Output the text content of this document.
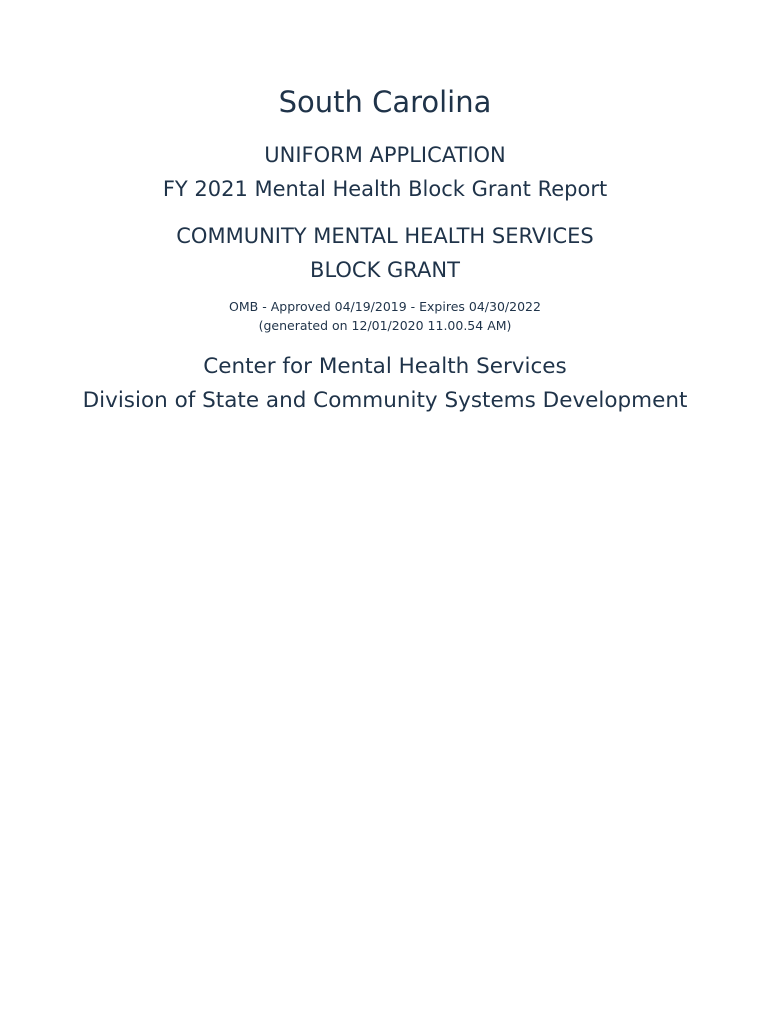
South Carolina
UNIFORM APPLICATION
FY 2021 Mental Health Block Grant Report
COMMUNITY MENTAL HEALTH SERVICES
BLOCK GRANT
OMB - Approved 04/19/2019 - Expires 04/30/2022
(generated on 12/01/2020 11.00.54 AM)
Center for Mental Health Services
Division of State and Community Systems Development
